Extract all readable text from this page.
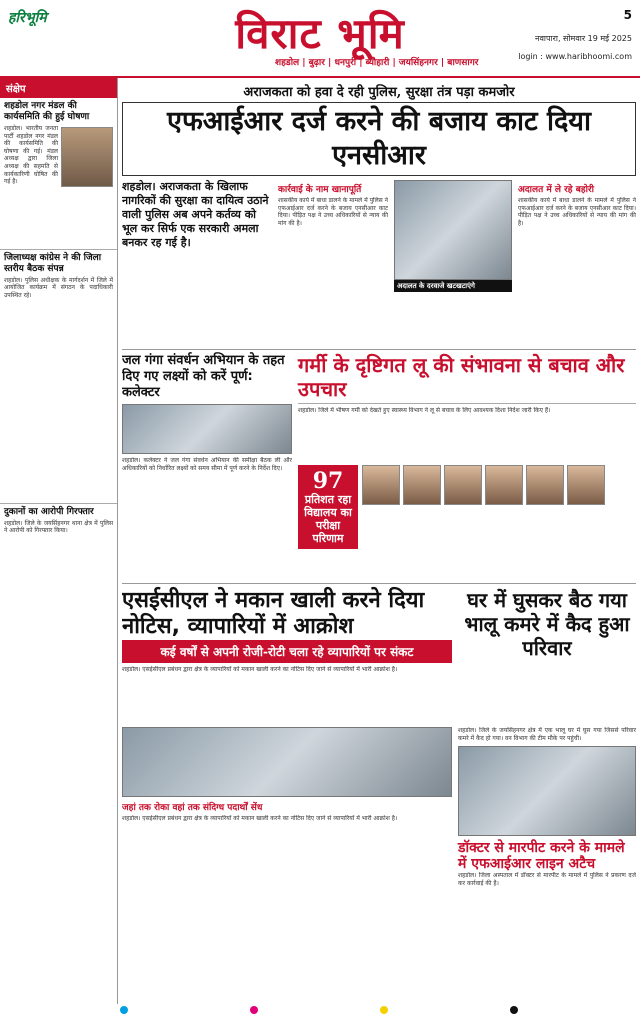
हरिभूमि	विराट भूमि	5
नवापारा, सोमवार 19 मई 2025
login : www.haribhoomi.com
शहडोल | बुढ़ार | धनपुरी | ब्यौहारी | जयसिंहनगर | बाणसागर
संक्षेप
शहडोल नगर मंडल की कार्यसमिति की हुई घोषणा
शहडोल। भारतीय जनता पार्टी शहडोल नगर मंडल की कार्यसमिति की घोषणा की गई। मंडल अध्यक्ष द्वारा जिला अध्यक्ष की सहमति से कार्यकारिणी घोषित की गई है।
जिलाध्यक्ष कांग्रेस ने की जिला स्तरीय बैठक संपन्न
शहडोल। पुलिस अधीक्षक के मार्गदर्शन में जिले में आयोजित कार्यक्रम में संगठन के पदाधिकारी उपस्थित रहे।
दुकानों का आरोपी गिरफ्तार
शहडोल। जिले के जयसिंहनगर थाना क्षेत्र में पुलिस ने आरोपी को गिरफ्तार किया।
अराजकता को हवा दे रही पुलिस, सुरक्षा तंत्र पड़ा कमजोर
एफआईआर दर्ज करने की बजाय काट दिया एनसीआर
शहडोल। अराजकता के खिलाफ नागरिकों की सुरक्षा का दायित्व उठाने वाली पुलिस अब अपने कर्तव्य को भूल कर सिर्फ एक सरकारी अमला बनकर रह गई है।
कार्रवाई के नाम खानापूर्ति
शासकीय कार्य में बाधा डालने के मामले में पुलिस ने एफआईआर दर्ज करने के बजाय एनसीआर काट दिया। पीड़ित पक्ष ने उच्च अधिकारियों से न्याय की मांग की है।
अदालत के दरवाजे खटखटाएंगे
अदालत में ले रहे बहोरी
शासकीय कार्य में बाधा डालने के मामले में पुलिस ने एफआईआर दर्ज करने के बजाय एनसीआर काट दिया। पीड़ित पक्ष ने उच्च अधिकारियों से न्याय की मांग की है।
जल गंगा संवर्धन अभियान के तहत दिए गए लक्ष्यों को करें पूर्ण: कलेक्टर
शहडोल। कलेक्टर ने जल गंगा संवर्धन अभियान की समीक्षा बैठक ली और अधिकारियों को निर्धारित लक्ष्यों को समय सीमा में पूर्ण करने के निर्देश दिए।
गर्मी के दृष्टिगत लू की संभावना से बचाव और उपचार
शहडोल। जिले में भीषण गर्मी को देखते हुए स्वास्थ्य विभाग ने लू से बचाव के लिए आवश्यक दिशा निर्देश जारी किए हैं।
97
प्रतिशत रहा विद्यालय का परीक्षा परिणाम
एसईसीएल ने मकान खाली करने दिया नोटिस, व्यापारियों में आक्रोश
कई वर्षों से अपनी रोजी-रोटी चला रहे व्यापारियों पर संकट
शहडोल। एसईसीएल प्रबंधन द्वारा क्षेत्र के व्यापारियों को मकान खाली करने का नोटिस दिए जाने से व्यापारियों में भारी आक्रोश है।
घर में घुसकर बैठ गया भालू कमरे में कैद हुआ परिवार
जहां तक रोका वहां तक संदिग्ध पदार्थों सेंध
शहडोल। एसईसीएल प्रबंधन द्वारा क्षेत्र के व्यापारियों को मकान खाली करने का नोटिस दिए जाने से व्यापारियों में भारी आक्रोश है।
शहडोल। जिले के जयसिंहनगर क्षेत्र में एक भालू घर में घुस गया जिससे परिवार कमरे में कैद हो गया। वन विभाग की टीम मौके पर पहुंची।
डॉक्टर से मारपीट करने के मामले में एफआईआर लाइन अटैच
शहडोल। जिला अस्पताल में डॉक्टर से मारपीट के मामले में पुलिस ने प्रकरण दर्ज कर कार्रवाई की है।
